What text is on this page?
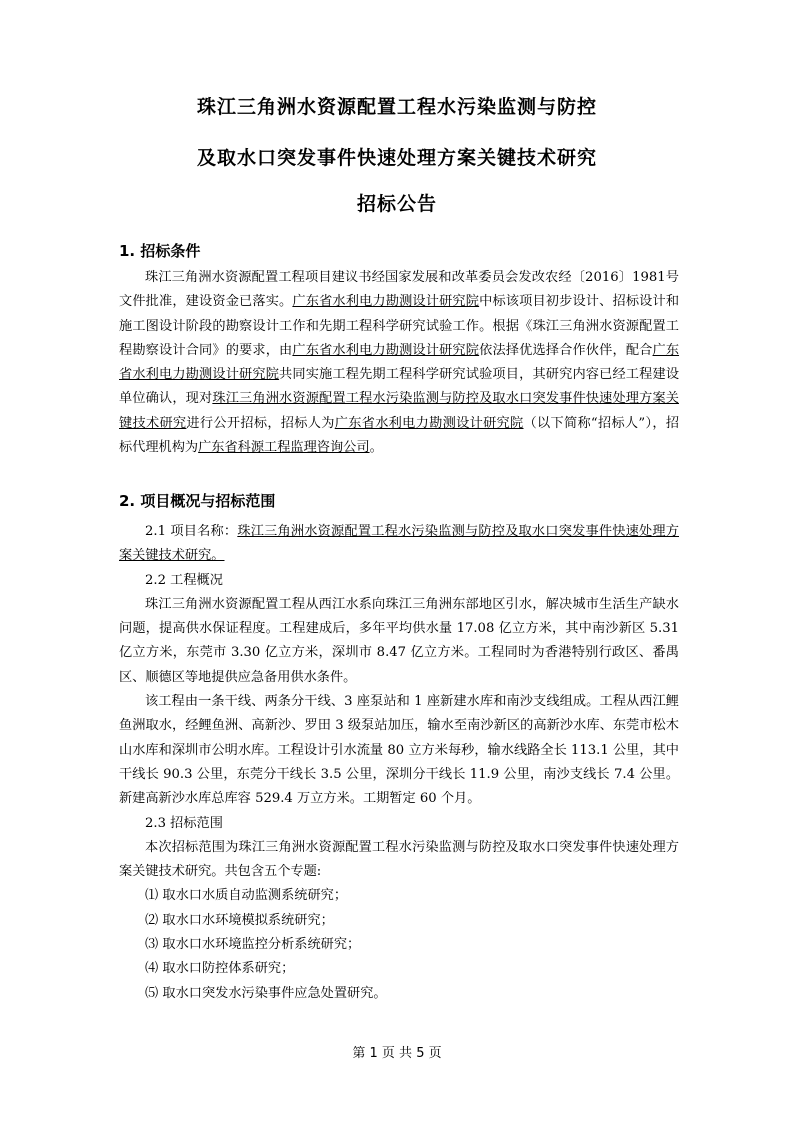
珠江三角洲水资源配置工程水污染监测与防控
及取水口突发事件快速处理方案关键技术研究
招标公告
1. 招标条件

珠江三角洲水资源配置工程项目建议书经国家发展和改革委员会发改农经〔2016〕1981号文件批准，建设资金已落实。广东省水利电力勘测设计研究院中标该项目初步设计、招标设计和施工图设计阶段的勘察设计工作和先期工程科学研究试验工作。根据《珠江三角洲水资源配置工程勘察设计合同》的要求，由广东省水利电力勘测设计研究院依法择优选择合作伙伴，配合广东省水利电力勘测设计研究院共同实施工程先期工程科学研究试验项目，其研究内容已经工程建设单位确认，现对珠江三角洲水资源配置工程水污染监测与防控及取水口突发事件快速处理方案关键技术研究进行公开招标，招标人为广东省水利电力勘测设计研究院（以下简称“招标人”），招标代理机构为广东省科源工程监理咨询公司。

2. 项目概况与招标范围

2.1 项目名称：珠江三角洲水资源配置工程水污染监测与防控及取水口突发事件快速处理方案关键技术研究。

2.2 工程概况

珠江三角洲水资源配置工程从西江水系向珠江三角洲东部地区引水，解决城市生活生产缺水问题，提高供水保证程度。工程建成后，多年平均供水量 17.08 亿立方米，其中南沙新区 5.31 亿立方米，东莞市 3.30 亿立方米，深圳市 8.47 亿立方米。工程同时为香港特别行政区、番禺区、顺德区等地提供应急备用供水条件。

该工程由一条干线、两条分干线、3 座泵站和 1 座新建水库和南沙支线组成。工程从西江鲤鱼洲取水，经鲤鱼洲、高新沙、罗田 3 级泵站加压，输水至南沙新区的高新沙水库、东莞市松木山水库和深圳市公明水库。工程设计引水流量 80 立方米每秒，输水线路全长 113.1 公里，其中干线长 90.3 公里，东莞分干线长 3.5 公里，深圳分干线长 11.9 公里，南沙支线长 7.4 公里。新建高新沙水库总库容 529.4 万立方米。工期暂定 60 个月。

2.3 招标范围

本次招标范围为珠江三角洲水资源配置工程水污染监测与防控及取水口突发事件快速处理方案关键技术研究。共包含五个专题:

⑴ 取水口水质自动监测系统研究；

⑵ 取水口水环境模拟系统研究；

⑶ 取水口水环境监控分析系统研究；

⑷ 取水口防控体系研究；

⑸ 取水口突发水污染事件应急处置研究。

第 1 页 共 5 页
